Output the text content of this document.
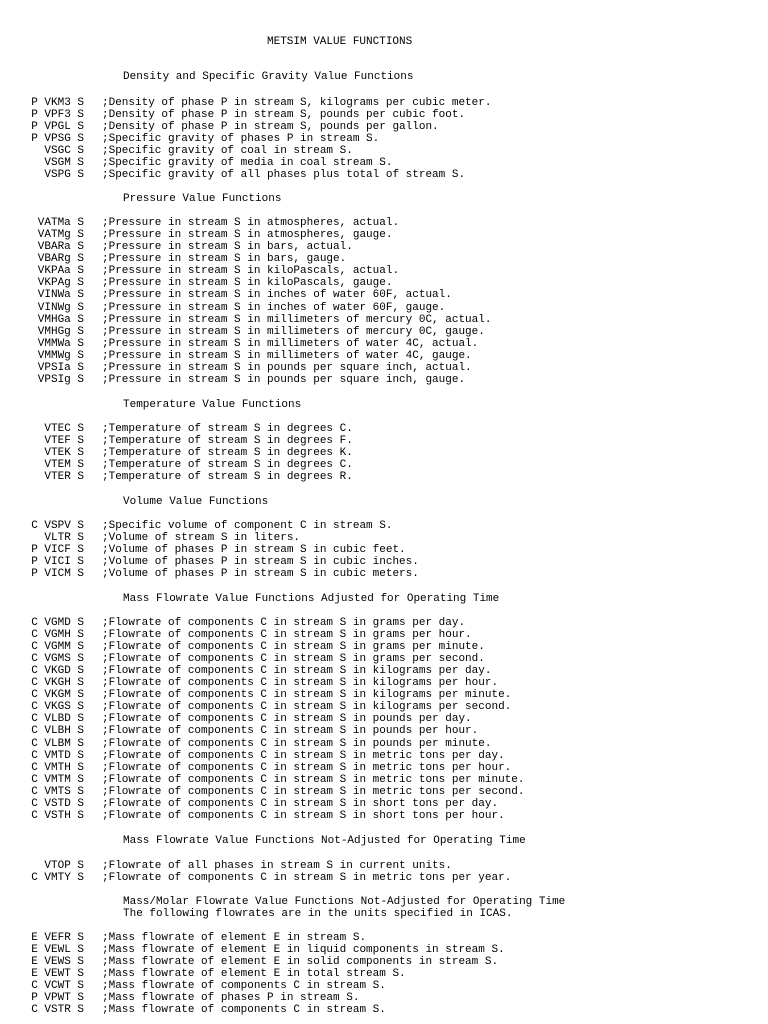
METSIM VALUE FUNCTIONS
Density and Specific Gravity Value Functions
P VKM3 S ;Density of phase P in stream S, kilograms per cubic meter.
P VPF3 S ;Density of phase P in stream S, pounds per cubic foot.
P VPGL S ;Density of phase P in stream S, pounds per gallon.
P VPSG S ;Specific gravity of phases P in stream S.
VSGC S ;Specific gravity of coal in stream S.
VSGM S ;Specific gravity of media in coal stream S.
VSPG S ;Specific gravity of all phases plus total of stream S.
Pressure Value Functions
VATMa S ;Pressure in stream S in atmospheres, actual.
VATMg S ;Pressure in stream S in atmospheres, gauge.
VBARa S ;Pressure in stream S in bars, actual.
VBARg S ;Pressure in stream S in bars, gauge.
VKPAa S ;Pressure in stream S in kiloPascals, actual.
VKPAg S ;Pressure in stream S in kiloPascals, gauge.
VINWa S ;Pressure in stream S in inches of water 60F, actual.
VINWg S ;Pressure in stream S in inches of water 60F, gauge.
VMHGa S ;Pressure in stream S in millimeters of mercury 0C, actual.
VMHGg S ;Pressure in stream S in millimeters of mercury 0C, gauge.
VMMWa S ;Pressure in stream S in millimeters of water 4C, actual.
VMMWg S ;Pressure in stream S in millimeters of water 4C, gauge.
VPSIa S ;Pressure in stream S in pounds per square inch, actual.
VPSIg S ;Pressure in stream S in pounds per square inch, gauge.
Temperature Value Functions
VTEC S ;Temperature of stream S in degrees C.
VTEF S ;Temperature of stream S in degrees F.
VTEK S ;Temperature of stream S in degrees K.
VTEM S ;Temperature of stream S in degrees C.
VTER S ;Temperature of stream S in degrees R.
Volume Value Functions
C VSPV S ;Specific volume of component C in stream S.
VLTR S ;Volume of stream S in liters.
P VICF S ;Volume of phases P in stream S in cubic feet.
P VICI S ;Volume of phases P in stream S in cubic inches.
P VICM S ;Volume of phases P in stream S in cubic meters.
Mass Flowrate Value Functions Adjusted for Operating Time
C VGMD S ;Flowrate of components C in stream S in grams per day.
C VGMH S ;Flowrate of components C in stream S in grams per hour.
C VGMM S ;Flowrate of components C in stream S in grams per minute.
C VGMS S ;Flowrate of components C in stream S in grams per second.
C VKGD S ;Flowrate of components C in stream S in kilograms per day.
C VKGH S ;Flowrate of components C in stream S in kilograms per hour.
C VKGM S ;Flowrate of components C in stream S in kilograms per minute.
C VKGS S ;Flowrate of components C in stream S in kilograms per second.
C VLBD S ;Flowrate of components C in stream S in pounds per day.
C VLBH S ;Flowrate of components C in stream S in pounds per hour.
C VLBM S ;Flowrate of components C in stream S in pounds per minute.
C VMTD S ;Flowrate of components C in stream S in metric tons per day.
C VMTH S ;Flowrate of components C in stream S in metric tons per hour.
C VMTM S ;Flowrate of components C in stream S in metric tons per minute.
C VMTS S ;Flowrate of components C in stream S in metric tons per second.
C VSTD S ;Flowrate of components C in stream S in short tons per day.
C VSTH S ;Flowrate of components C in stream S in short tons per hour.
Mass Flowrate Value Functions Not-Adjusted for Operating Time
VTOP S ;Flowrate of all phases in stream S in current units.
C VMTY S ;Flowrate of components C in stream S in metric tons per year.
Mass/Molar Flowrate Value Functions Not-Adjusted for Operating Time
The following flowrates are in the units specified in ICAS.
E VEFR S ;Mass flowrate of element E in stream S.
E VEWL S ;Mass flowrate of element E in liquid components in stream S.
E VEWS S ;Mass flowrate of element E in solid components in stream S.
E VEWT S ;Mass flowrate of element E in total stream S.
C VCWT S ;Mass flowrate of components C in stream S.
P VPWT S ;Mass flowrate of phases P in stream S.
C VSTR S ;Mass flowrate of components C in stream S.
